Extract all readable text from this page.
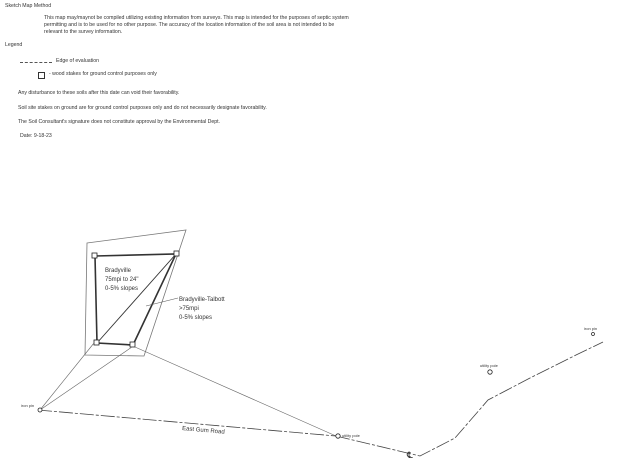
Sketch Map Method
This map may/maynot be compiled utilizing existing information from surveys. This map is intended for the purposes of septic system
permitting and is to be used for no other purpose. The accuracy of the location information of the soil area is not intended to be
relevant to the survey information.
Legend
Edge of evaluation
- wood stakes for ground control purposes only
Any disturbance to these soils after this date can void their favorability.
Soil site stakes on ground are for ground control purposes only and do not necessarily designate favorability.
The Soil Consultant's signature does not constitute approval by the Environmental Dept.
Date: 9-18-23
Bradyville
75mpi to 24"
0-5% slopes
Bradyville-Talbott
>75mpi
0-5% slopes
iron pin
utility pole
utility pole
iron pin
East Gum Road
℄
